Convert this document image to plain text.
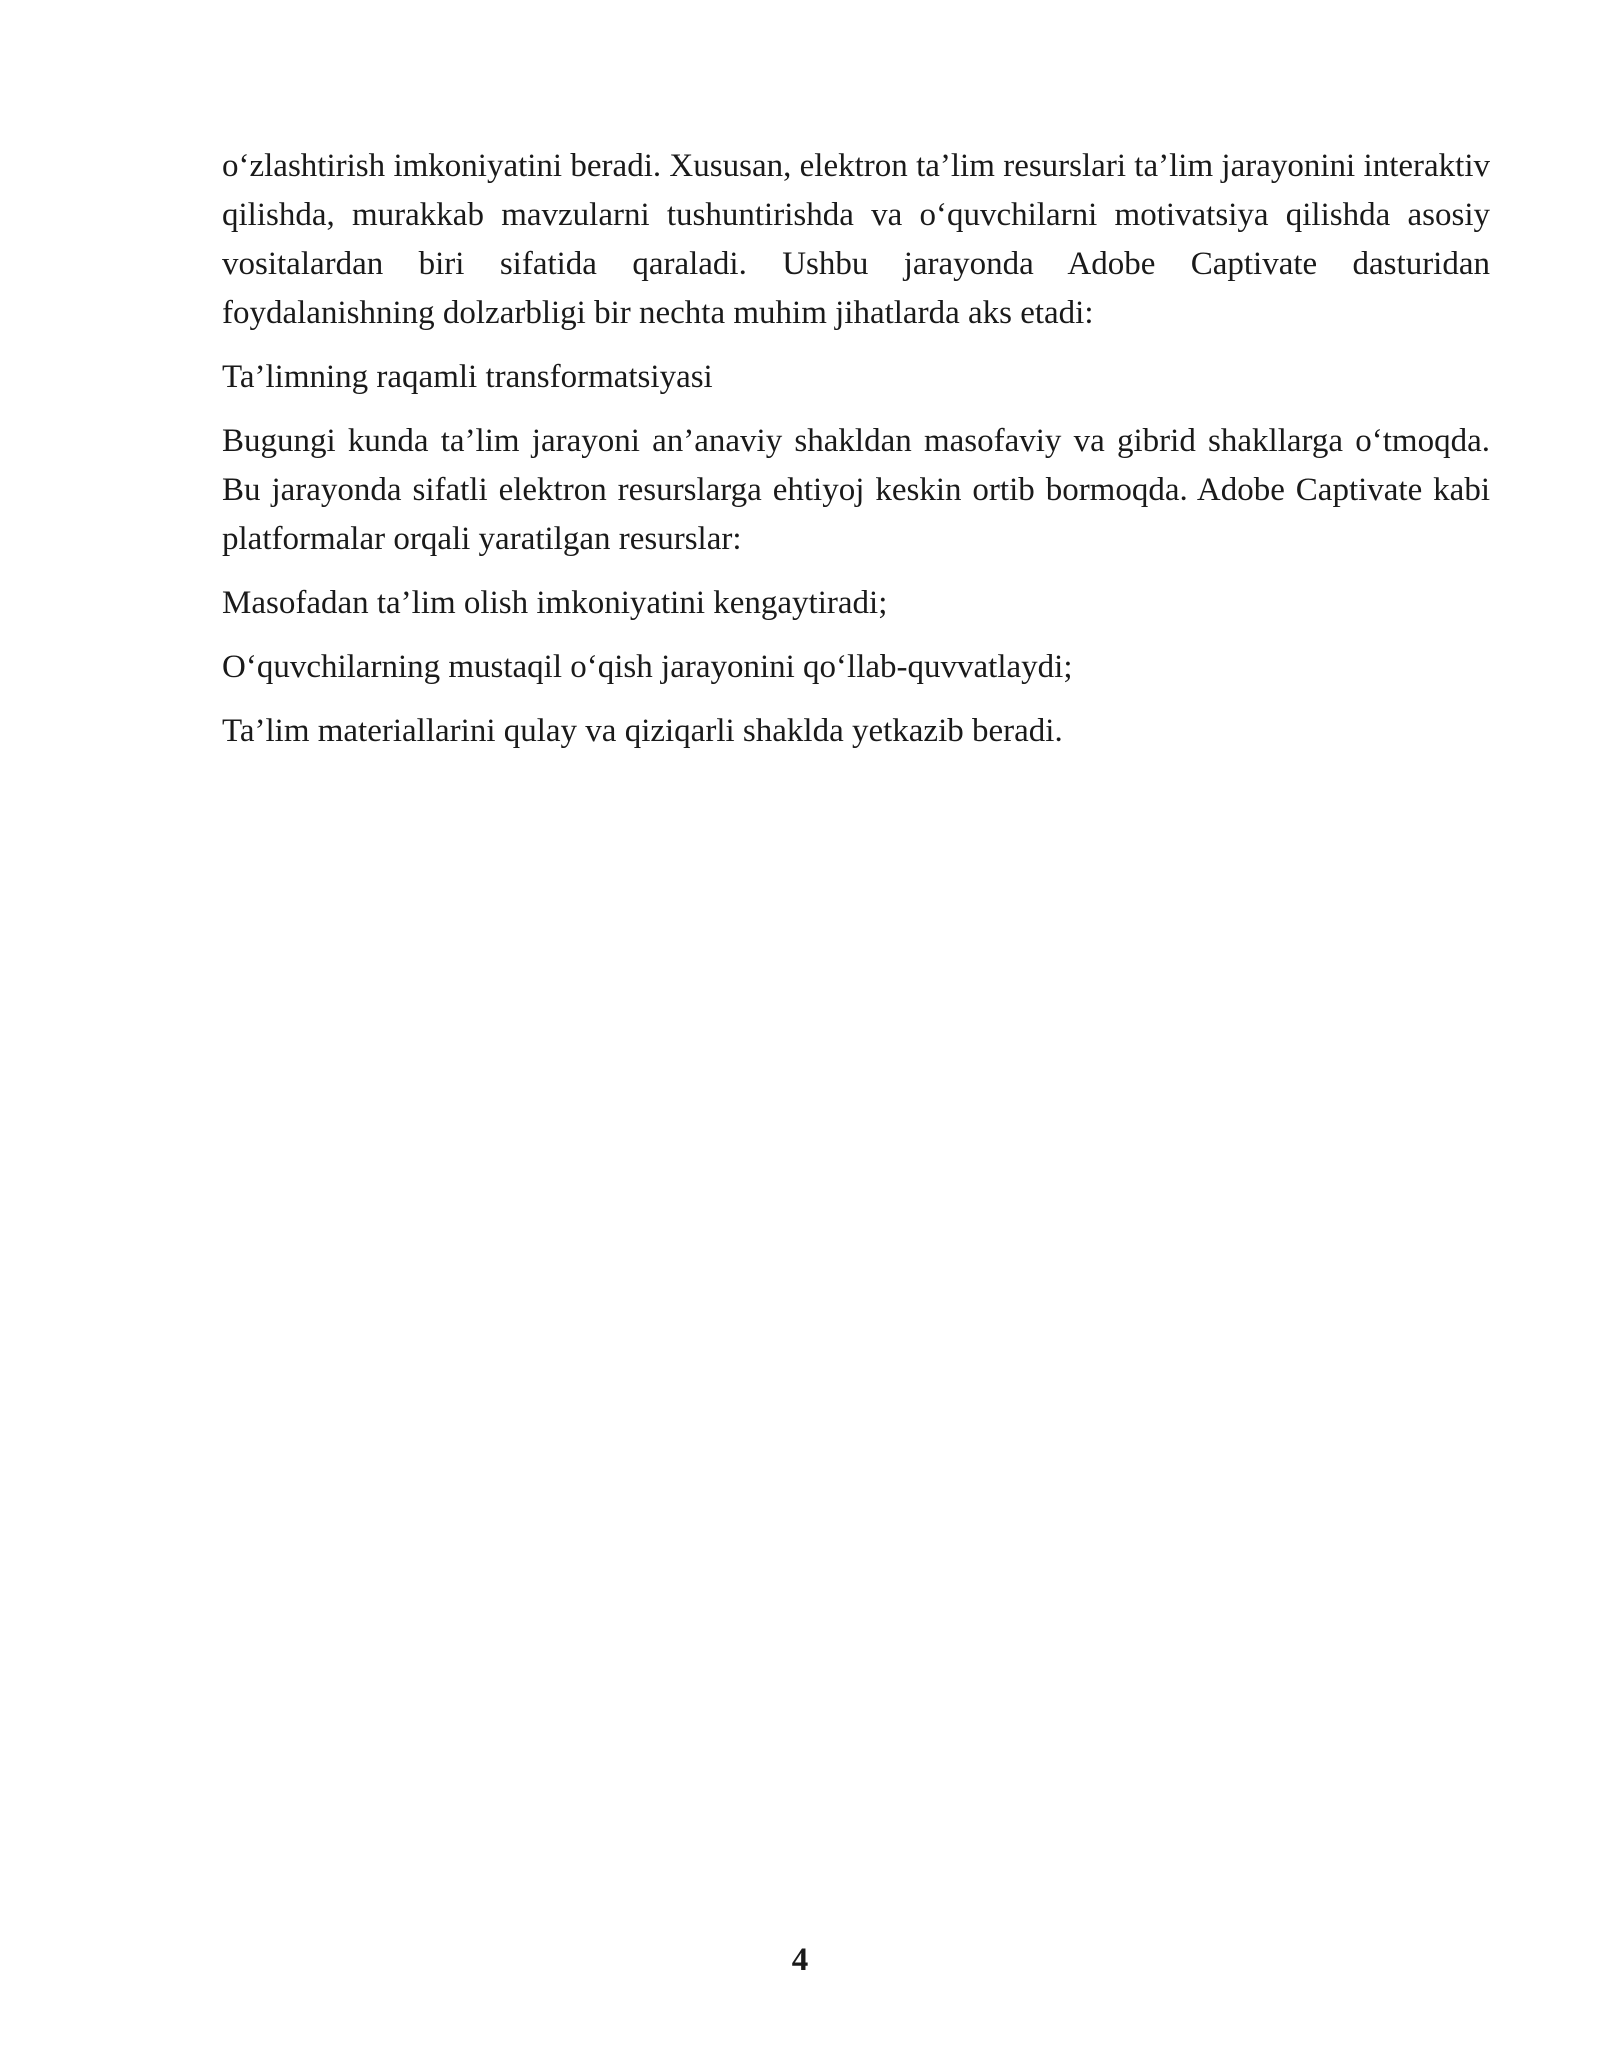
o‘zlashtirish imkoniyatini beradi. Xususan, elektron ta’lim resurslari ta’lim jarayonini interaktiv qilishda, murakkab mavzularni tushuntirishda va o‘quvchilarni motivatsiya qilishda asosiy vositalardan biri sifatida qaraladi. Ushbu jarayonda Adobe Captivate dasturidan foydalanishning dolzarbligi bir nechta muhim jihatlarda aks etadi:

Ta’limning raqamli transformatsiyasi

Bugungi kunda ta’lim jarayoni an’anaviy shakldan masofaviy va gibrid shakllarga o‘tmoqda. Bu jarayonda sifatli elektron resurslarga ehtiyoj keskin ortib bormoqda. Adobe Captivate kabi platformalar orqali yaratilgan resurslar:

Masofadan ta’lim olish imkoniyatini kengaytiradi;

O‘quvchilarning mustaqil o‘qish jarayonini qo‘llab-quvvatlaydi;

Ta’lim materiallarini qulay va qiziqarli shaklda yetkazib beradi.

4
